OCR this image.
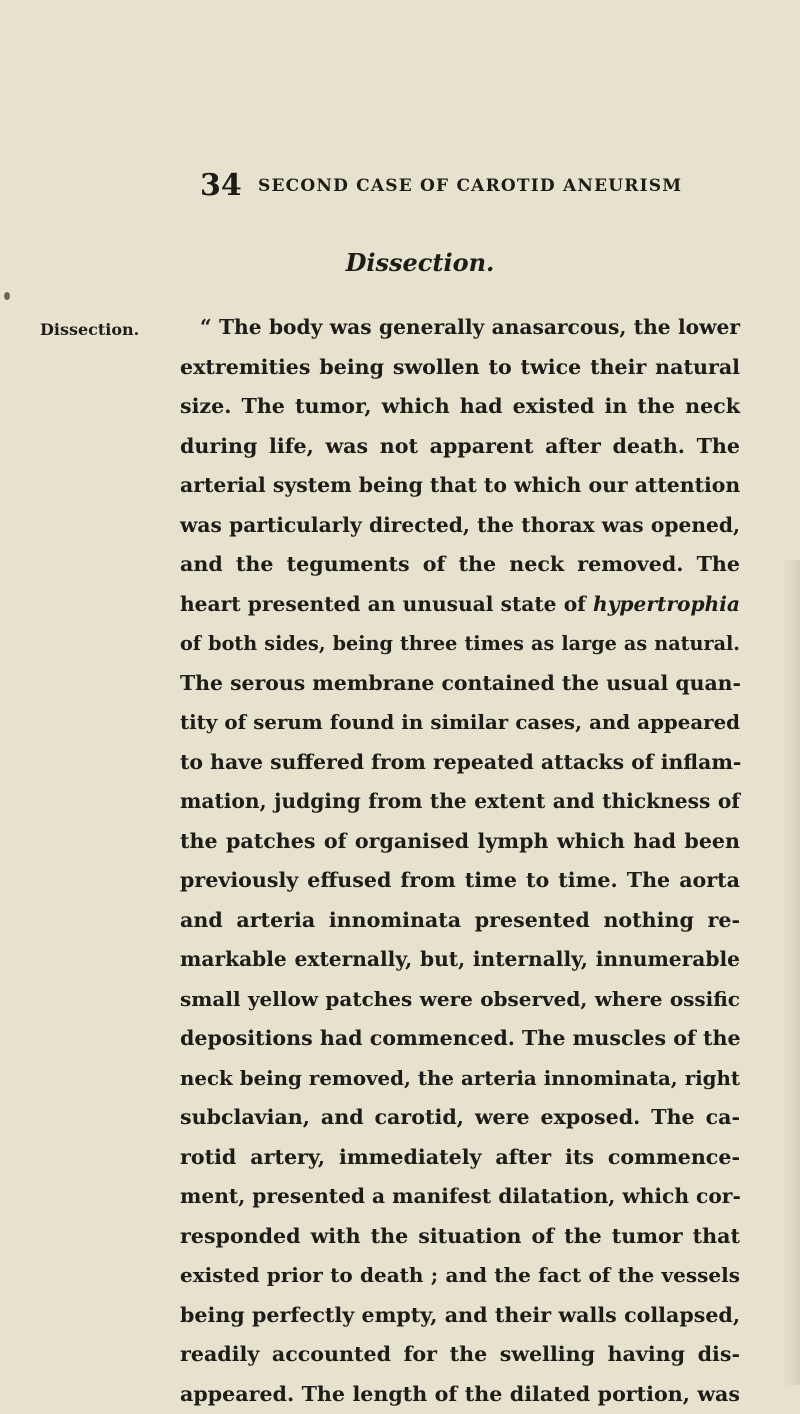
34 SECOND CASE OF CAROTID ANEURISM
Dissection.
Dissection.	“ The body was generally anasarcous, the lower
extremities being swollen to twice their natural
size. The tumor, which had existed in the neck
during life, was not apparent after death. The
arterial system being that to which our attention
was particularly directed, the thorax was opened,
and the teguments of the neck removed. The
heart presented an unusual state of hypertrophia
of both sides, being three times as large as natural.
The serous membrane contained the usual quan-
tity of serum found in similar cases, and appeared
to have suffered from repeated attacks of inflam-
mation, judging from the extent and thickness of
the patches of organised lymph which had been
previously effused from time to time. The aorta
and arteria innominata presented nothing re-
markable externally, but, internally, innumerable
small yellow patches were observed, where ossific
depositions had commenced. The muscles of the
neck being removed, the arteria innominata, right
subclavian, and carotid, were exposed. The ca-
rotid artery, immediately after its commence-
ment, presented a manifest dilatation, which cor-
responded with the situation of the tumor that
existed prior to death ; and the fact of the vessels
being perfectly empty, and their walls collapsed,
readily accounted for the swelling having dis-
appeared. The length of the dilated portion, was
